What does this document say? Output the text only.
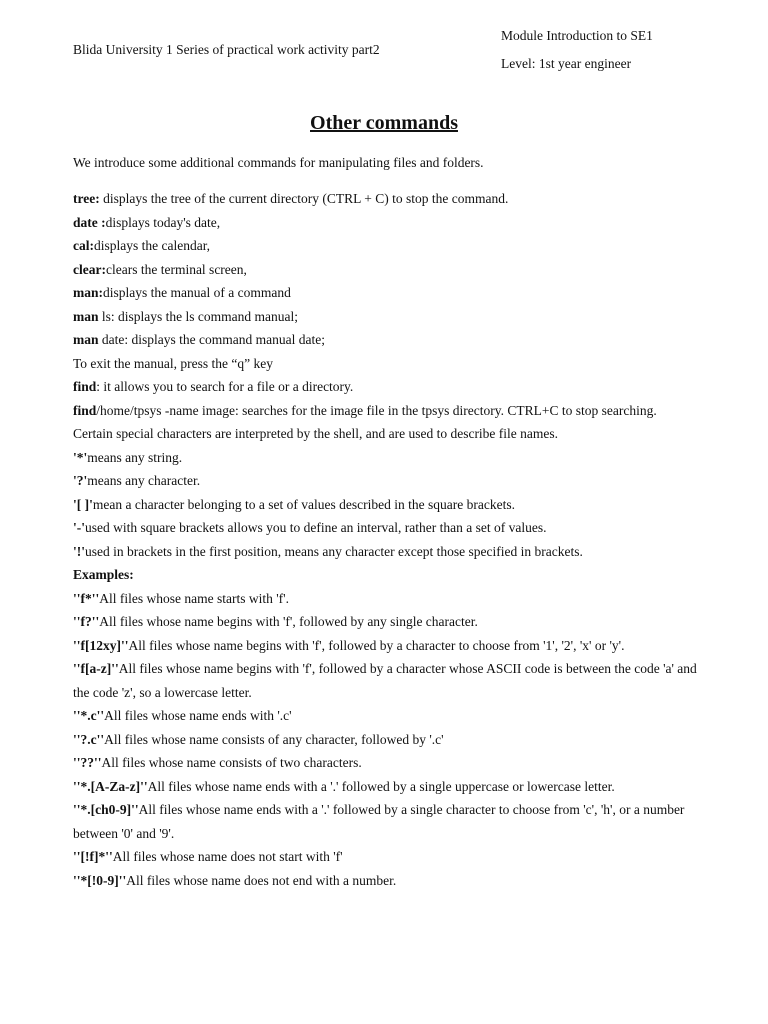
Blida University 1 Series of practical work activity part2
Module Introduction to SE1
Level: 1st year engineer
Other commands
We introduce some additional commands for manipulating files and folders.

tree: displays the tree of the current directory (CTRL + C) to stop the command.

date :displays today's date,

cal:displays the calendar,

clear:clears the terminal screen,

man:displays the manual of a command

man ls: displays the ls command manual;

man date: displays the command manual date;

To exit the manual, press the “q” key

find: it allows you to search for a file or a directory.

find/home/tpsys -name image: searches for the image file in the tpsys directory. CTRL+C to stop searching.

Certain special characters are interpreted by the shell, and are used to describe file names.

'*'means any string.

'?'means any character.

'[ ]'mean a character belonging to a set of values described in the square brackets.

'-'used with square brackets allows you to define an interval, rather than a set of values.

'!'used in brackets in the first position, means any character except those specified in brackets.

Examples:

''f*''All files whose name starts with 'f'.

''f?''All files whose name begins with 'f', followed by any single character.

''f[12xy]''All files whose name begins with 'f', followed by a character to choose from '1', '2', 'x' or 'y'.

''f[a-z]''All files whose name begins with 'f', followed by a character whose ASCII code is between the code 'a' and the code 'z', so a lowercase letter.

''*.c''All files whose name ends with '.c'

''?.c''All files whose name consists of any character, followed by '.c'

''??''All files whose name consists of two characters.

''*.[A-Za-z]''All files whose name ends with a '.' followed by a single uppercase or lowercase letter.

''*.[ch0-9]''All files whose name ends with a '.' followed by a single character to choose from 'c', 'h', or a number between '0' and '9'.

''[!f]*''All files whose name does not start with 'f'

''*[!0-9]''All files whose name does not end with a number.
